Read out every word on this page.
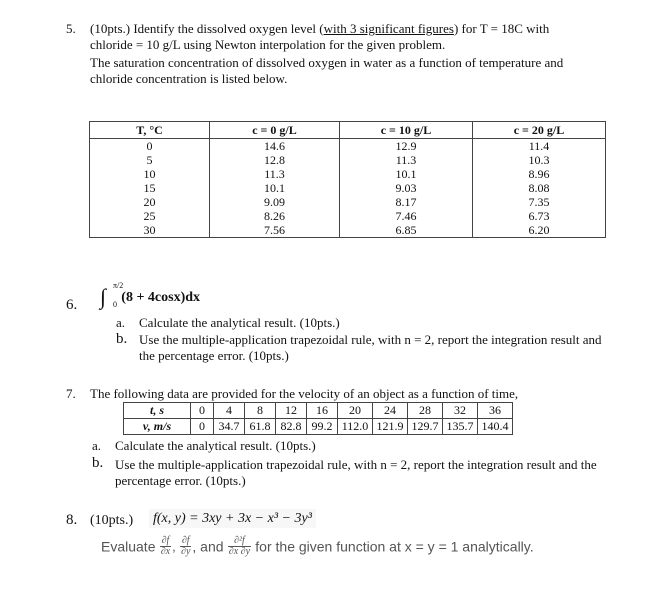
5. (10pts.) Identify the dissolved oxygen level (with 3 significant figures) for T = 18C with
chloride = 10 g/L using Newton interpolation for the given problem.
The saturation concentration of dissolved oxygen in water as a function of temperature and
chloride concentration is listed below.
T, °C	c = 0 g/L	c = 10 g/L	c = 20 g/L
0	14.6	12.9	11.4
5	12.8	11.3	10.3
10	11.3	10.1	8.96
15	10.1	9.03	8.08
20	9.09	8.17	7.35
25	8.26	7.46	6.73
30	7.56	6.85	6.20
6. ∫ π/2
0 (8 + 4cosx)dx
a. Calculate the analytical result. (10pts.)
b. Use the multiple-application trapezoidal rule, with n = 2, report the integration result and
the percentage error. (10pts.)
7. The following data are provided for the velocity of an object as a function of time,
t, s	0	4	8	12	16	20	24	28	32	36
v, m/s	0	34.7	61.8	82.8	99.2	112.0	121.9	129.7	135.7	140.4
a. Calculate the analytical result. (10pts.)
b. Use the multiple-application trapezoidal rule, with n = 2, report the integration result and the
percentage error. (10pts.)
8. (10pts.) f(x, y) = 3xy + 3x − x³ − 3y³
Evaluate $\frac{\partial f}{\partial x}$ , $\frac{\partial f}{\partial y}$ , and $\frac{\text{∂²f}}{\partial x \partial y}$ for the given function at x = y = 1 analytically.
